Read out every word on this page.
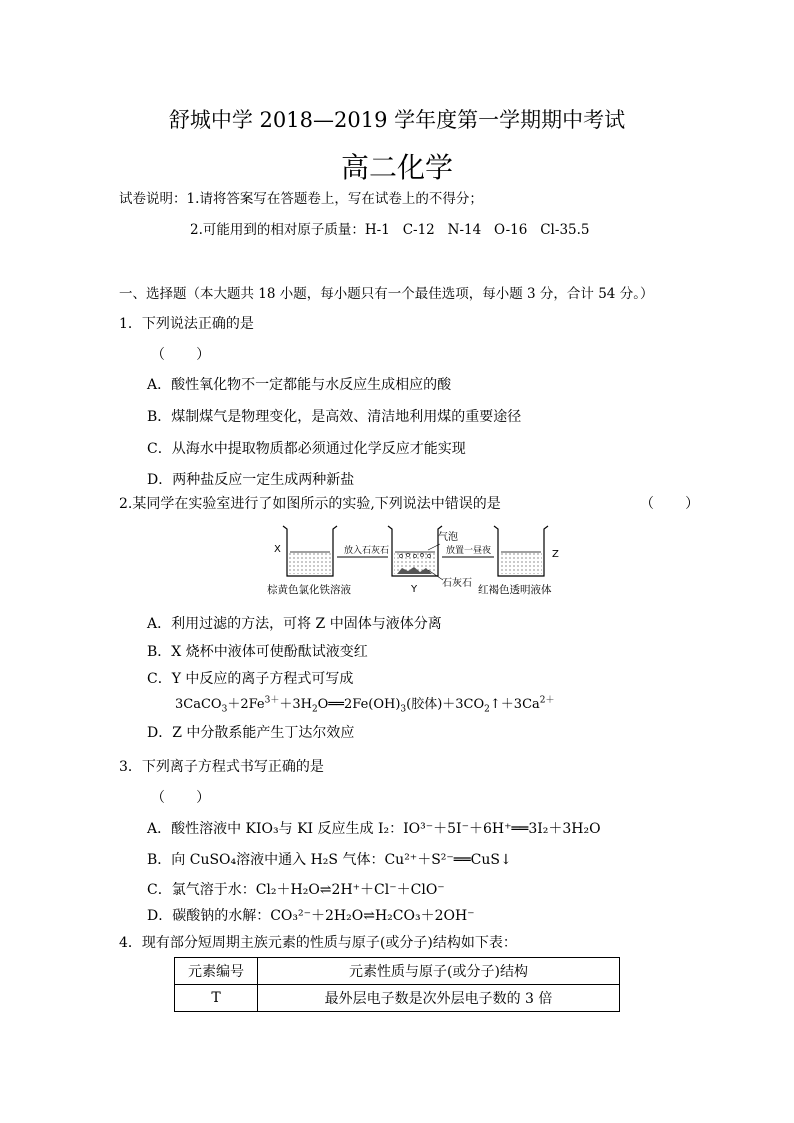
舒城中学 2018—2019 学年度第一学期期中考试
高二化学
试卷说明：1.请将答案写在答题卷上，写在试卷上的不得分；
2.可能用到的相对原子质量：H-1   C-12   N-14   O-16   Cl-35.5
一、选择题（本大题共 18 小题，每小题只有一个最佳选项，每小题 3 分，合计 54 分。）
1．下列说法正确的是
（       ）
A．酸性氧化物不一定都能与水反应生成相应的酸
B．煤制煤气是物理变化，是高效、清洁地利用煤的重要途径
C．从海水中提取物质都必须通过化学反应才能实现
D．两种盐反应一定生成两种新盐
2.某同学在实验室进行了如图所示的实验,下列说法中错误的是	（       ）
X	放入石灰石
Y
气泡
石灰石
放置一昼夜	Z
棕黄色氯化铁溶液	红褐色透明液体
A．利用过滤的方法，可将 Z 中固体与液体分离
B．X 烧杯中液体可使酚酞试液变红
C．Y 中反应的离子方程式可写成
$3CaCO_3+2Fe^{3+}+3H_2O══2Fe(OH)_3$(胶体)$+3CO_2↑+3Ca^{2+}$
D．Z 中分散系能产生丁达尔效应
3．下列离子方程式书写正确的是
（       ）
A．酸性溶液中 KIO₃与 KI 反应生成 I₂：IO³⁻＋5I⁻＋6H⁺══3I₂＋3H₂O
B．向 CuSO₄溶液中通入 H₂S 气体：Cu²⁺＋S²⁻══CuS↓
C．氯气溶于水：Cl₂＋H₂O⇌2H⁺＋Cl⁻＋ClO⁻
D．碳酸钠的水解：CO₃²⁻＋2H₂O⇌H₂CO₃＋2OH⁻
4．现有部分短周期主族元素的性质与原子(或分子)结构如下表：
元素编号	元素性质与原子(或分子)结构
T	最外层电子数是次外层电子数的 3 倍
